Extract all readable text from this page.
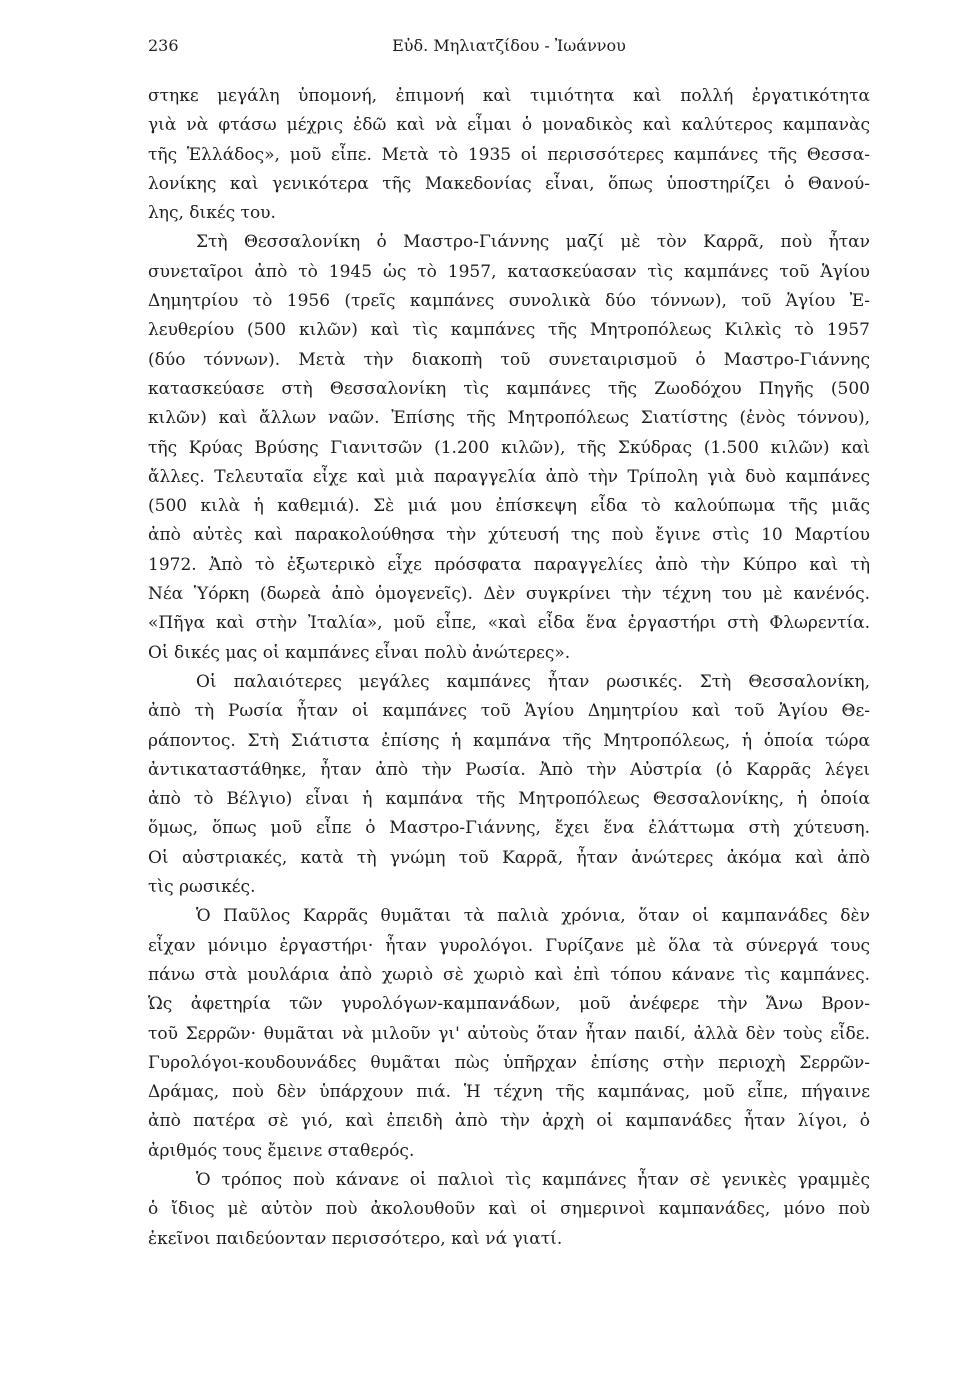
236	Εὐδ. Μηλιατζίδου - Ἰωάννου

στηκε μεγάλη ὑπομονή, ἐπιμονή καὶ τιμιότητα καὶ πολλή ἐργατικότητα
γιὰ νὰ φτάσω μέχρις ἐδῶ καὶ νὰ εἶμαι ὁ μοναδικὸς καὶ καλύτερος καμπανὰς
τῆς Ἑλλάδος», μοῦ εἶπε. Μετὰ τὸ 1935 οἱ περισσότερες καμπάνες τῆς Θεσσα-
λονίκης καὶ γενικότερα τῆς Μακεδονίας εἶναι, ὅπως ὑποστηρίζει ὁ Θανού-
λης, δικές του.

Στὴ Θεσσαλονίκη ὁ Μαστρο-Γιάννης μαζί μὲ τὸν Καρρᾶ, ποὺ ἦταν
συνεταῖροι ἀπὸ τὸ 1945 ὡς τὸ 1957, κατασκεύασαν τὶς καμπάνες τοῦ Ἁγίου
Δημητρίου τὸ 1956 (τρεῖς καμπάνες συνολικὰ δύο τόννων), τοῦ Ἁγίου Ἐ-
λευθερίου (500 κιλῶν) καὶ τὶς καμπάνες τῆς Μητροπόλεως Κιλκὶς τὸ 1957
(δύο τόννων). Μετὰ τὴν διακοπὴ τοῦ συνεταιρισμοῦ ὁ Μαστρο-Γιάννης
κατασκεύασε στὴ Θεσσαλονίκη τὶς καμπάνες τῆς Ζωοδόχου Πηγῆς (500
κιλῶν) καὶ ἄλλων ναῶν. Ἐπίσης τῆς Μητροπόλεως Σιατίστης (ἑνὸς τόννου),
τῆς Κρύας Βρύσης Γιανιτσῶν (1.200 κιλῶν), τῆς Σκύδρας (1.500 κιλῶν) καὶ
ἄλλες. Τελευταῖα εἶχε καὶ μιὰ παραγγελία ἀπὸ τὴν Τρίπολη γιὰ δυὸ καμπάνες
(500 κιλὰ ἡ καθεμιά). Σὲ μιά μου ἐπίσκεψη εἶδα τὸ καλούπωμα τῆς μιᾶς
ἀπὸ αὐτὲς καὶ παρακολούθησα τὴν χύτευσή της ποὺ ἔγινε στὶς 10 Μαρτίου
1972. Ἀπὸ τὸ ἐξωτερικὸ εἶχε πρόσφατα παραγγελίες ἀπὸ τὴν Κύπρο καὶ τὴ
Νέα Ὑόρκη (δωρεὰ ἀπὸ ὁμογενεῖς). Δὲν συγκρίνει τὴν τέχνη του μὲ κανένός.
«Πῆγα καὶ στὴν Ἰταλία», μοῦ εἶπε, «καὶ εἶδα ἕνα ἐργαστήρι στὴ Φλωρεντία.
Οἱ δικές μας οἱ καμπάνες εἶναι πολὺ ἀνώτερες».

Οἱ παλαιότερες μεγάλες καμπάνες ἦταν ρωσικές. Στὴ Θεσσαλονίκη,
ἀπὸ τὴ Ρωσία ἦταν οἱ καμπάνες τοῦ Ἁγίου Δημητρίου καὶ τοῦ Ἁγίου Θε-
ράποντος. Στὴ Σιάτιστα ἐπίσης ἡ καμπάνα τῆς Μητροπόλεως, ἡ ὁποία τώρα
ἀντικαταστάθηκε, ἦταν ἀπὸ τὴν Ρωσία. Ἀπὸ τὴν Αὐστρία (ὁ Καρρᾶς λέγει
ἀπὸ τὸ Βέλγιο) εἶναι ἡ καμπάνα τῆς Μητροπόλεως Θεσσαλονίκης, ἡ ὁποία
ὅμως, ὅπως μοῦ εἶπε ὁ Μαστρο-Γιάννης, ἔχει ἕνα ἐλάττωμα στὴ χύτευση.
Οἱ αὐστριακές, κατὰ τὴ γνώμη τοῦ Καρρᾶ, ἦταν ἀνώτερες ἀκόμα καὶ ἀπὸ
τὶς ρωσικές.

Ὁ Παῦλος Καρρᾶς θυμᾶται τὰ παλιὰ χρόνια, ὅταν οἱ καμπανάδες δὲν
εἶχαν μόνιμο ἐργαστήρι· ἦταν γυρολόγοι. Γυρίζανε μὲ ὅλα τὰ σύνεργά τους
πάνω στὰ μουλάρια ἀπὸ χωριὸ σὲ χωριὸ καὶ ἐπὶ τόπου κάνανε τὶς καμπάνες.
Ὡς ἀφετηρία τῶν γυρολόγων-καμπανάδων, μοῦ ἀνέφερε τὴν Ἄνω Βρον-
τοῦ Σερρῶν· θυμᾶται νὰ μιλοῦν γι' αὐτοὺς ὅταν ἦταν παιδί, ἀλλὰ δὲν τοὺς εἶδε.
Γυρολόγοι-κουδουνάδες θυμᾶται πὼς ὑπῆρχαν ἐπίσης στὴν περιοχὴ Σερρῶν-
Δράμας, ποὺ δὲν ὑπάρχουν πιά. Ἡ τέχνη τῆς καμπάνας, μοῦ εἶπε, πήγαινε
ἀπὸ πατέρα σὲ γιό, καὶ ἐπειδὴ ἀπὸ τὴν ἀρχὴ οἱ καμπανάδες ἦταν λίγοι, ὁ
ἀριθμός τους ἔμεινε σταθερός.

Ὁ τρόπος ποὺ κάνανε οἱ παλιοὶ τὶς καμπάνες ἦταν σὲ γενικὲς γραμμὲς
ὁ ἴδιος μὲ αὐτὸν ποὺ ἀκολουθοῦν καὶ οἱ σημερινοὶ καμπανάδες, μόνο ποὺ
ἐκεῖνοι παιδεύονταν περισσότερο, καὶ νά γιατί.
